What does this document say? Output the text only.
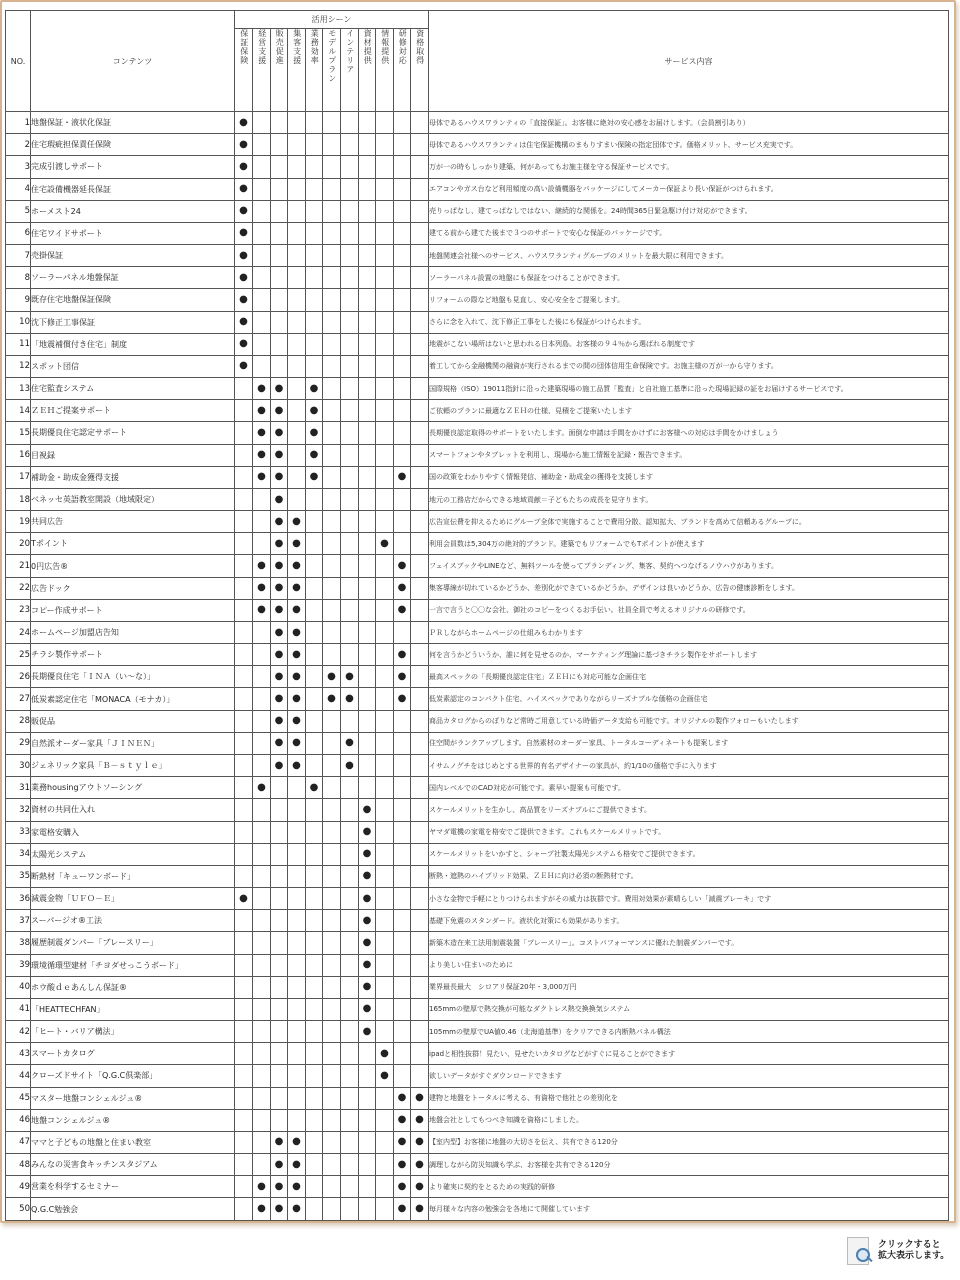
NO.	コンテンツ	活用シーン											サービス内容
		保証保険	経営支援	販売促進	集客支援	業務効率	モデルプラン	インテリア	資材提供	情報提供	研修対応	資格取得	
1	地盤保証・液状化保証	●											母体であるハウスワランティの「直接保証」。お客様に絶対の安心感をお届けします。（会員割引あり）
2	住宅瑕疵担保責任保険	●											母体であるハウスワランティは住宅保証機構のまもりすまい保険の指定団体です。価格メリット、サービス充実です。
3	完成引渡しサポート	●											万が一の時もしっかり建築、何があってもお施主様を守る保証サービスです。
4	住宅設備機器延長保証	●											エアコンやガス台など利用頻度の高い設備機器をパッケージにしてメーカー保証より長い保証がつけられます。
5	ホーメスト24	●											売りっぱなし、建てっぱなしではない、継続的な関係を。24時間365日緊急駆け付け対応ができます。
6	住宅ワイドサポート	●											建てる前から建てた後まで３つのサポートで安心な保証のパッケージです。
7	売掛保証	●											地盤関連会社様へのサービス、ハウスワランティグループのメリットを最大限に利用できます。
8	ソーラーパネル地盤保証	●											ソーラーパネル設置の地盤にも保証をつけることができます。
9	既存住宅地盤保証保険	●											リフォームの際など地盤も見直し、安心安全をご提案します。
10	沈下修正工事保証	●											さらに念を入れて、沈下修正工事をした後にも保証がつけられます。
11	「地震補償付き住宅」制度	●											地震がこない場所はないと思われる日本列島。お客様の９４％から選ばれる制度です
12	スポット団信	●											着工してから金融機関の融資が実行されるまでの間の団体信用生命保険です。お施主様の万が一から守ります。
13	住宅監査システム		●	●		●							国際規格（ISO）19011指針に沿った建築現場の施工品質「監査」と自社施工基準に沿った現場記録の証をお届けするサービスです。
14	ＺＥＨご提案サポート		●	●		●							ご依頼のプランに最適なＺＥＨの仕様、見積をご提案いたします
15	長期優良住宅認定サポート		●	●		●							長期優良認定取得のサポートをいたします。面倒な申請は手間をかけずにお客様への対応は手間をかけましょう
16	目視録		●	●		●							スマートフォンやタブレットを利用し、現場から施工情報を記録・報告できます。
17	補助金・助成金獲得支援		●	●		●					●		国の政策をわかりやすく情報発信、補助金・助成金の獲得を支援します
18	ベネッセ英語教室開設（地域限定）			●									地元の工務店だからできる地域貢献＝子どもたちの成長を見守ります。
19	共同広告			●	●								広告宣伝費を抑えるためにグループ全体で実施することで費用分散、認知拡大、ブランドを高めて信頼あるグループに。
20	Tポイント			●	●					●			利用会員数は5,304万の絶対的ブランド。建築でもリフォームでもTポイントが使えます
21	0円広告®		●	●	●						●		フェイスブックやLINEなど、無料ツールを使ってブランディング、集客、契約へつなげるノウハウがあります。
22	広告ドック		●	●	●						●		集客導線が切れているかどうか、差別化ができているかどうか、デザインは良いかどうか、広告の健康診断をします。
23	コピー作成サポート		●	●	●						●		一言で言うと〇〇な会社、御社のコピーをつくるお手伝い。社員全員で考えるオリジナルの研修です。
24	ホームページ加盟店告知			●	●								ＰＲしながらホームページの仕組みもわかります
25	チラシ製作サポート			●	●						●		何を言うかどういうか、誰に何を見せるのか、マーケティング理論に基づきチラシ製作をサポートします
26	長期優良住宅「ＩＮＡ（い～な）」			●	●		●	●			●		最高スペックの「長期優良認定住宅」ＺＥＨにも対応可能な企画住宅
27	低炭素認定住宅「MONACA（モナカ）」			●	●		●	●			●		低炭素認定のコンパクト住宅、ハイスペックでありながらリーズナブルな価格の企画住宅
28	販促品			●	●								商品カタログからのぼりなど常時ご用意している時価データ支給も可能です。オリジナルの製作フォローもいたします
29	自然派オーダー家具「ＪＩＮＥＮ」			●	●			●					住空間がランクアップします。自然素材のオーダー家具、トータルコーディネートも提案します
30	ジェネリック家具「Ｂ－ｓｔｙｌｅ」			●	●			●					イサムノグチをはじめとする世界的有名デザイナーの家具が、約1/10の価格で手に入ります
31	業務housingアウトソーシング		●			●							国内レベルでのCAD対応が可能です。素早い提案も可能です。
32	資材の共同仕入れ								●				スケールメリットを生かし、高品質をリーズナブルにご提供できます。
33	家電格安購入								●				ヤマダ電機の家電を格安でご提供できます。これもスケールメリットです。
34	太陽光システム								●				スケールメリットをいかすと、シャープ社製太陽光システムも格安でご提供できます。
35	断熱材「キューワンボード」								●				断熱・遮熱のハイブリッド効果、ＺＥＨに向け必須の断熱材です。
36	減震金物「ＵＦＯ－Ｅ」	●							●				小さな金物で手軽にとりつけられますがその威力は抜群です。費用対効果が素晴らしい「減震ブレーキ」です
37	スーパージオ®工法								●				基礎下免震のスタンダード。液状化対策にも効果があります。
38	履歴制震ダンパー「ブレースリー」								●				新築木造在来工法用制震装置「ブレースリー」。コストパフォーマンスに優れた制震ダンパーです。
39	環境循環型建材「チヨダせっこうボード」								●				より美しい住まいのために
40	ホウ酸ｄｅあんしん保証®								●				業界最長最大　シロアリ保証20年・3,000万円
41	「HEATTECHFAN」								●				165mmの壁厚で熱交換が可能なダクトレス熱交換換気システム
42	「ヒート・バリア構法」								●				105mmの壁厚でUA値0.46（北海道基準）をクリアできる内断熱パネル構法
43	スマートカタログ									●			ipadと相性抜群！見たい、見せたいカタログなどがすぐに見ることができます
44	クローズドサイト「Q.G.C倶楽部」									●			欲しいデータがすぐダウンロードできます
45	マスター地盤コンシェルジュ®										●	●	建物と地盤をトータルに考える、有資格で他社との差別化を
46	地盤コンシェルジュ®										●	●	地盤会社としてもつべき知識を資格にしました。
47	ママと子どもの地盤と住まい教室			●	●						●	●	【室内型】お客様に地盤の大切さを伝え、共有できる120分
48	みんなの災害食キッチンスタジアム			●	●						●	●	調理しながら防災知識も学ぶ、お客様を共有できる120分
49	営業を科学するセミナー		●	●	●						●	●	より確実に契約をとるための実践的研修
50	Q.G.C勉強会		●	●	●						●	●	毎月様々な内容の勉強会を各地にて開催しています
クリックすると
拡大表示します。
